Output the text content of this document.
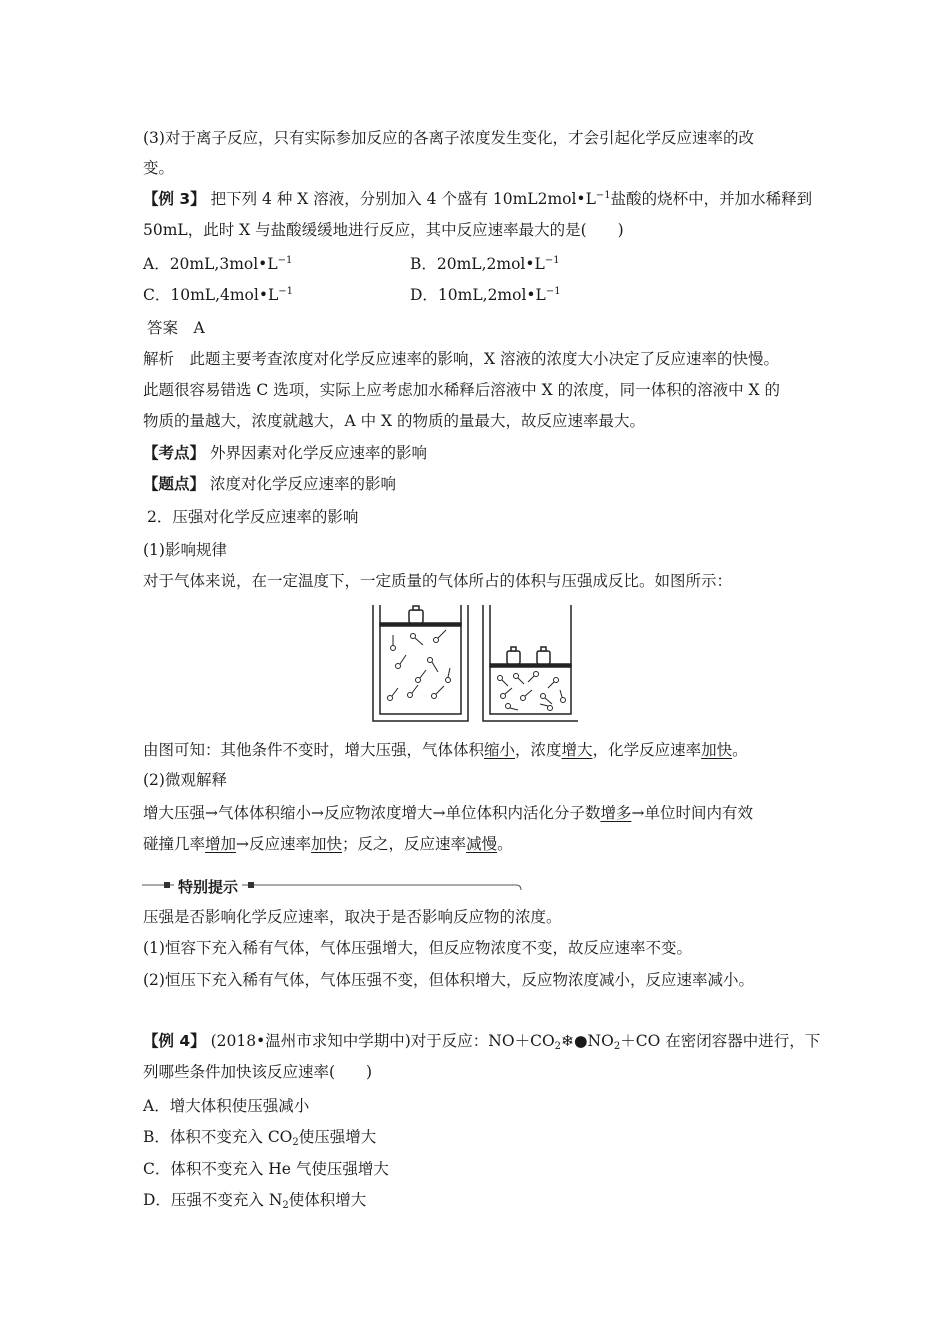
(3)对于离子反应，只有实际参加反应的各离子浓度发生变化，才会引起化学反应速率的改
变。
【例 3】 把下列 4 种 X 溶液，分别加入 4 个盛有 $10mL2mol•L^{-1}$盐酸的烧杯中，并加水稀释到
50mL，此时 X 与盐酸缓缓地进行反应，其中反应速率最大的是(　　)
A．$20mL,3mol•L^{-1}$	B．$20mL,2mol•L^{-1}$
C．$10mL,4mol•L^{-1}$	D．$10mL,2mol•L^{-1}$
答案　A
解析　此题主要考查浓度对化学反应速率的影响，X 溶液的浓度大小决定了反应速率的快慢。
此题很容易错选 C 选项，实际上应考虑加水稀释后溶液中 X 的浓度，同一体积的溶液中 X 的
物质的量越大，浓度就越大，A 中 X 的物质的量最大，故反应速率最大。
【考点】 外界因素对化学反应速率的影响
【题点】 浓度对化学反应速率的影响
2．压强对化学反应速率的影响
(1)影响规律
对于气体来说，在一定温度下，一定质量的气体所占的体积与压强成反比。如图所示：
由图可知：其他条件不变时，增大压强，气体体积缩小，浓度增大，化学反应速率加快。
(2)微观解释
增大压强→气体体积缩小→反应物浓度增大→单位体积内活化分子数增多→单位时间内有效
碰撞几率增加→反应速率加快；反之，反应速率减慢。
特别提示
压强是否影响化学反应速率，取决于是否影响反应物的浓度。
(1)恒容下充入稀有气体，气体压强增大，但反应物浓度不变，故反应速率不变。
(2)恒压下充入稀有气体，气体压强不变，但体积增大，反应物浓度减小，反应速率减小。
【例 4】 (2018•温州市求知中学期中)对于反应：$NO+CO_2❄●NO_2+CO$ 在密闭容器中进行，下
列哪些条件加快该反应速率(　　)
A．增大体积使压强减小
B．体积不变充入 $CO_2$使压强增大
C．体积不变充入 He 气使压强增大
D．压强不变充入 $N_2$使体积增大
